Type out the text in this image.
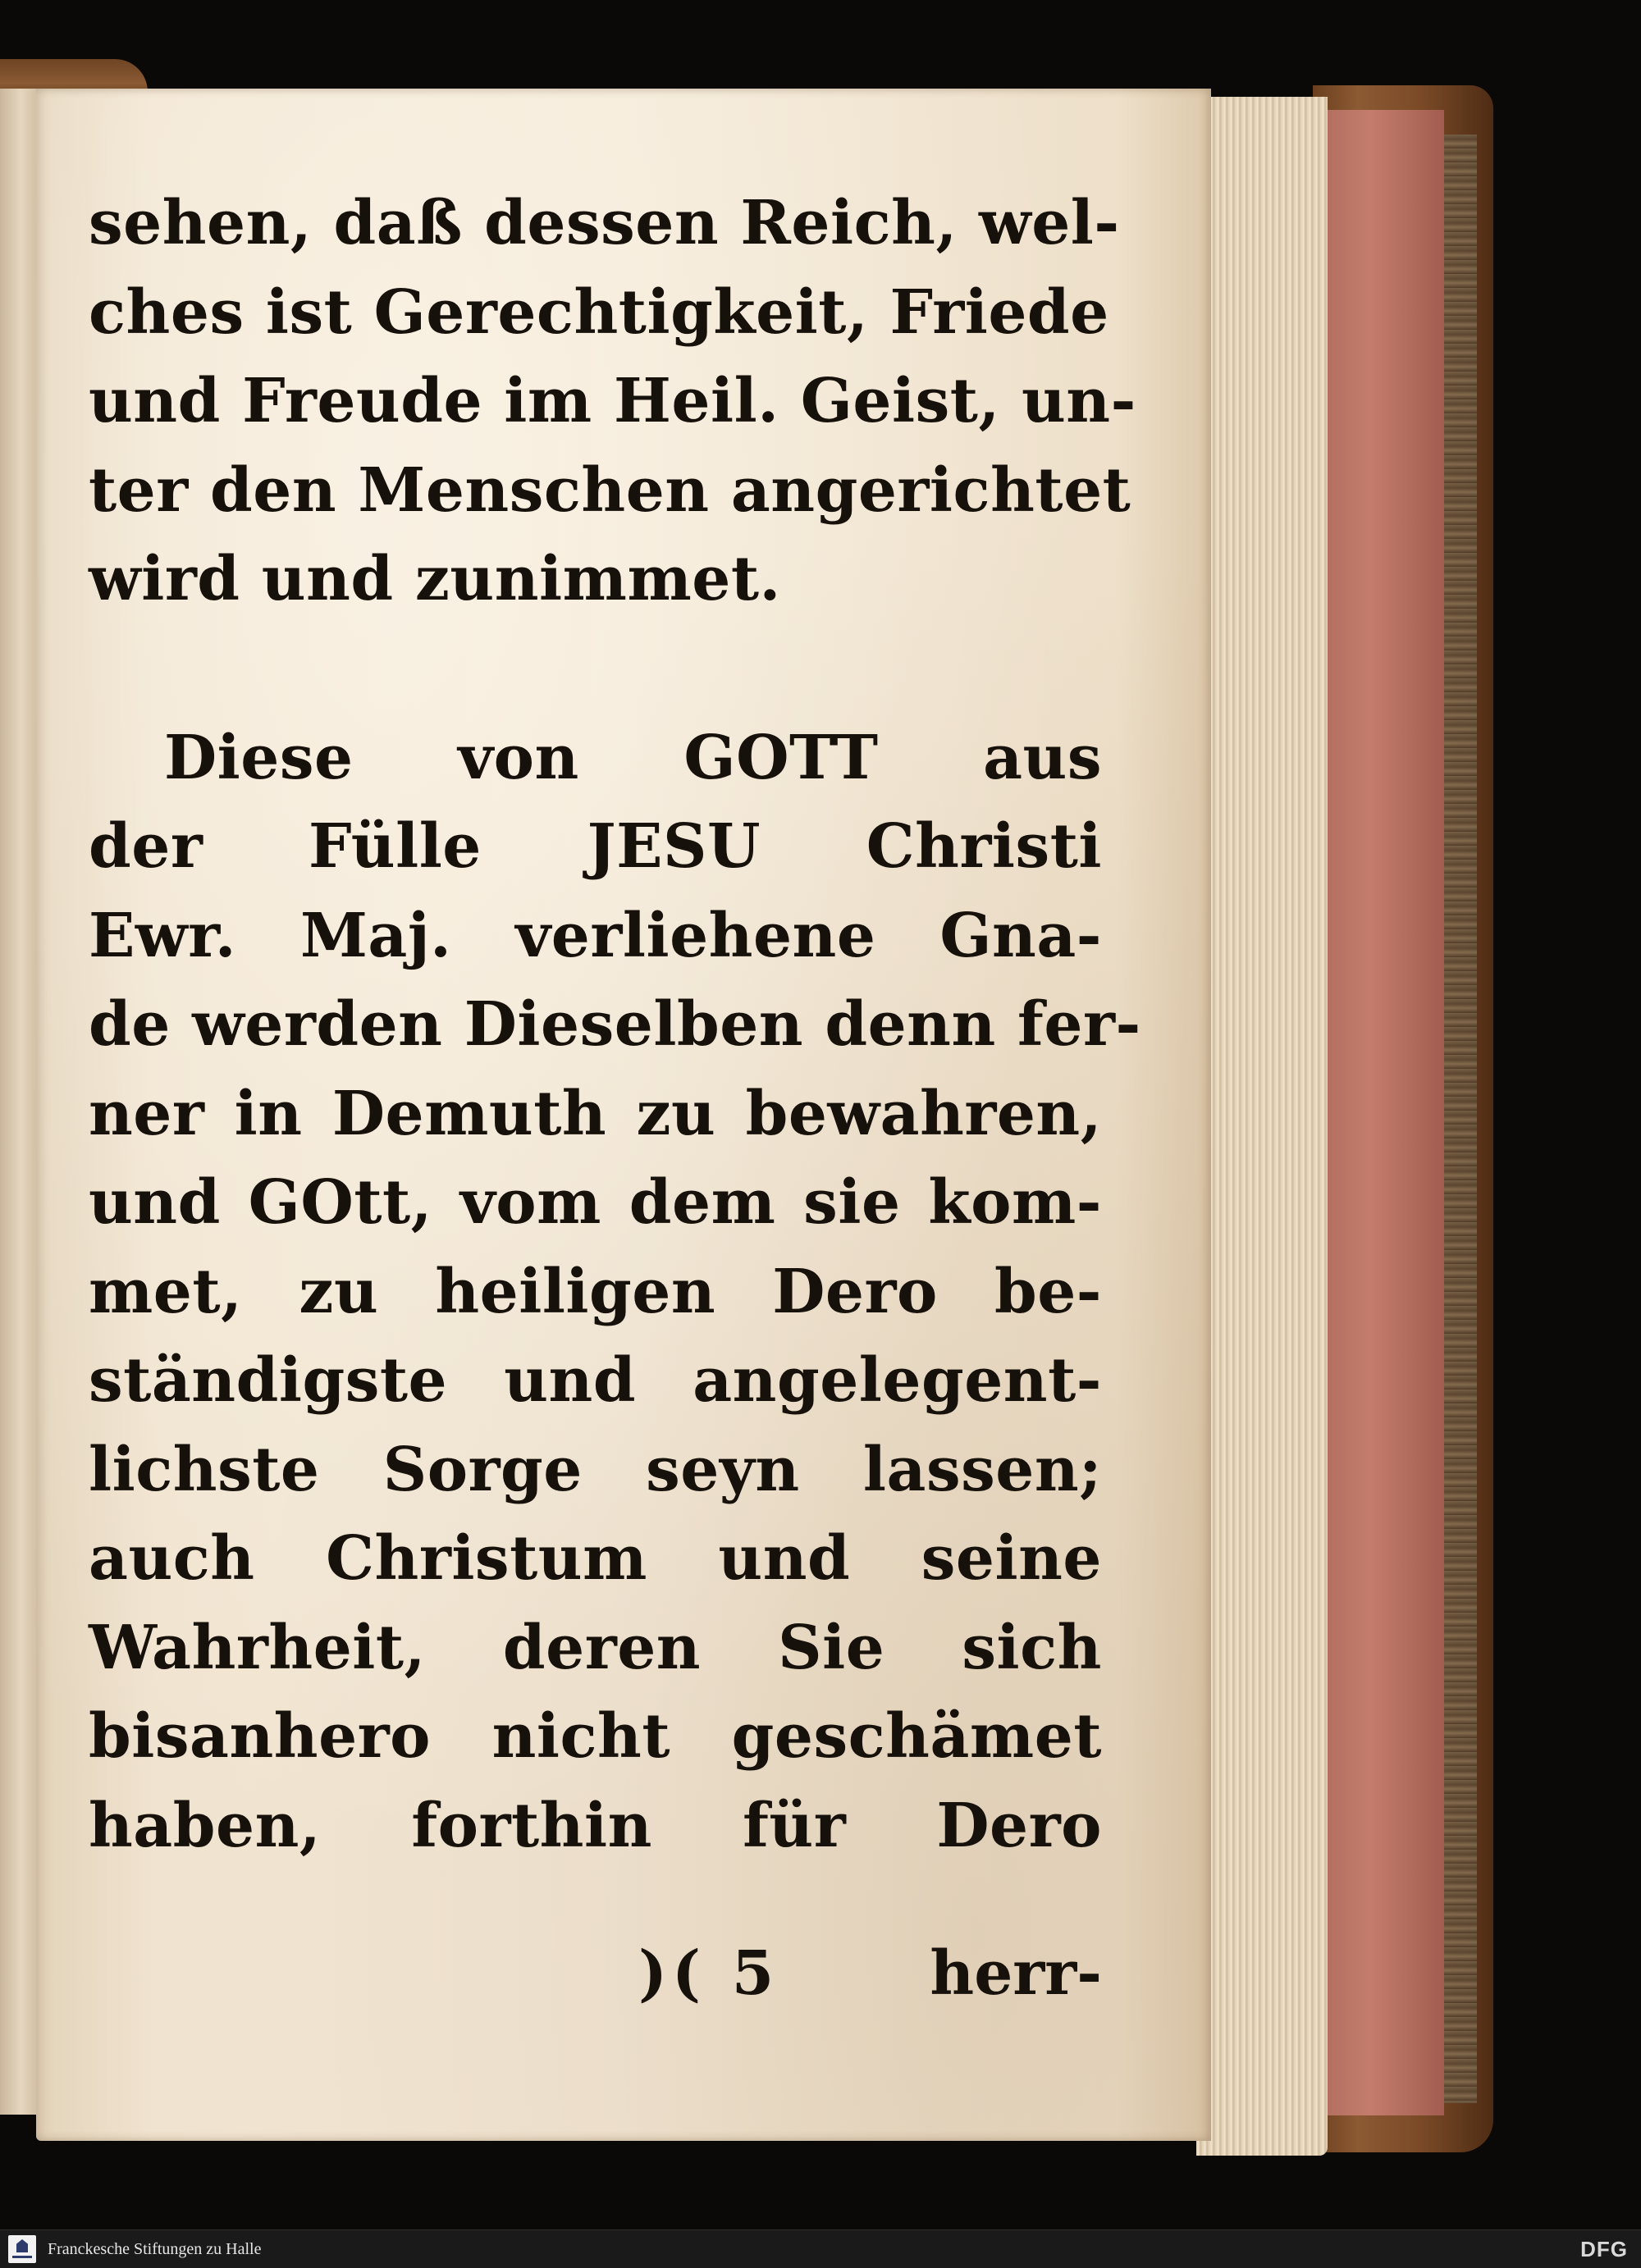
sehen, daß dessen Reich, wel-
ches ist Gerechtigkeit, Friede
und Freude im Heil. Geist, un-
ter den Menschen angerichtet
wird und zunimmet.
Diese von GOTT aus
der Fülle JESU Christi
Ewr. Maj. verliehene Gna-
de werden Dieselben denn fer-
ner in Demuth zu bewahren,
und GOtt, vom dem sie kom-
met, zu heiligen Dero be-
ständigste und angelegent-
lichste Sorge seyn lassen;
auch Christum und seine
Wahrheit, deren Sie sich
bisanhero nicht geschämet
haben, forthin für Dero
)( 5 herr-
Franckesche Stiftungen zu Halle	DFG
